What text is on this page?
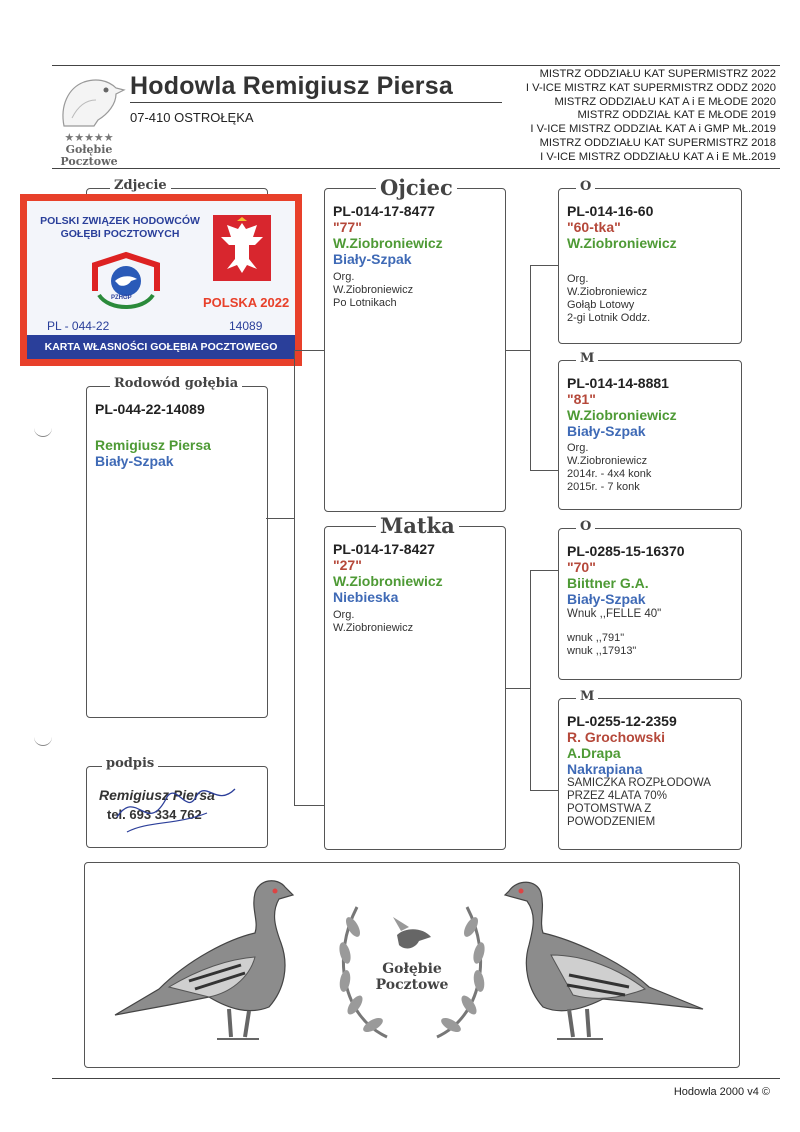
★★★★★
Gołębie
Pocztowe
Hodowla Remigiusz Piersa
07-410 OSTROŁĘKA

MISTRZ ODDZIAŁU KAT SUPERMISTRZ 2022

I V-ICE MISTRZ KAT SUPERMISTRZ ODDZ 2020

MISTRZ ODDZIAŁU KAT A i E MŁODE 2020

MISTRZ ODDZIAŁ KAT E MŁODE 2019

I V-ICE MISTRZ ODDZIAŁ KAT A i GMP MŁ.2019

MISTRZ ODDZIAŁU KAT SUPERMISTRZ 2018

I V-ICE MISTRZ ODDZIAŁU KAT A i E MŁ.2019

Zdjecie
POLSKI ZWIĄZEK HODOWCÓW
GOŁĘBI POCZTOWYCH
PZHGP	POLSKA 2022
PL - 044-22	14089
KARTA WŁASNOŚCI GOŁĘBIA POCZTOWEGO

PL-044-22-14089

Remigiusz Piersa

Biały-Szpak

Rodowód gołębia
Remigiusz Piersa
tel. 693 334 762
podpis

PL-014-17-8477

"77"

W.Ziobroniewicz

Biały-Szpak

Org.

W.Ziobroniewicz

Po Lotnikach

Ojciec

PL-014-17-8427

"27"

W.Ziobroniewicz

Niebieska

Org.

W.Ziobroniewicz

Matka

PL-014-16-60

"60-tka"

W.Ziobroniewicz

Org.

W.Ziobroniewicz

Gołąb Lotowy

2-gi Lotnik Oddz.

O

PL-014-14-8881

"81"

W.Ziobroniewicz

Biały-Szpak

Org.

W.Ziobroniewicz

2014r. - 4x4 konk

2015r. - 7 konk

M

PL-0285-15-16370

"70"

Biittner G.A.

Biały-Szpak

Wnuk ,,FELLE 40"

wnuk ,,791"

wnuk ,,17913"

O

PL-0255-12-2359

R. Grochowski

A.Drapa

Nakrapiana

SAMICZKA ROZPŁODOWA

PRZEZ 4LATA 70%

POTOMSTWA Z

POWODZENIEM

M
Gołębie
Pocztowe
Hodowla 2000 v4 ©
